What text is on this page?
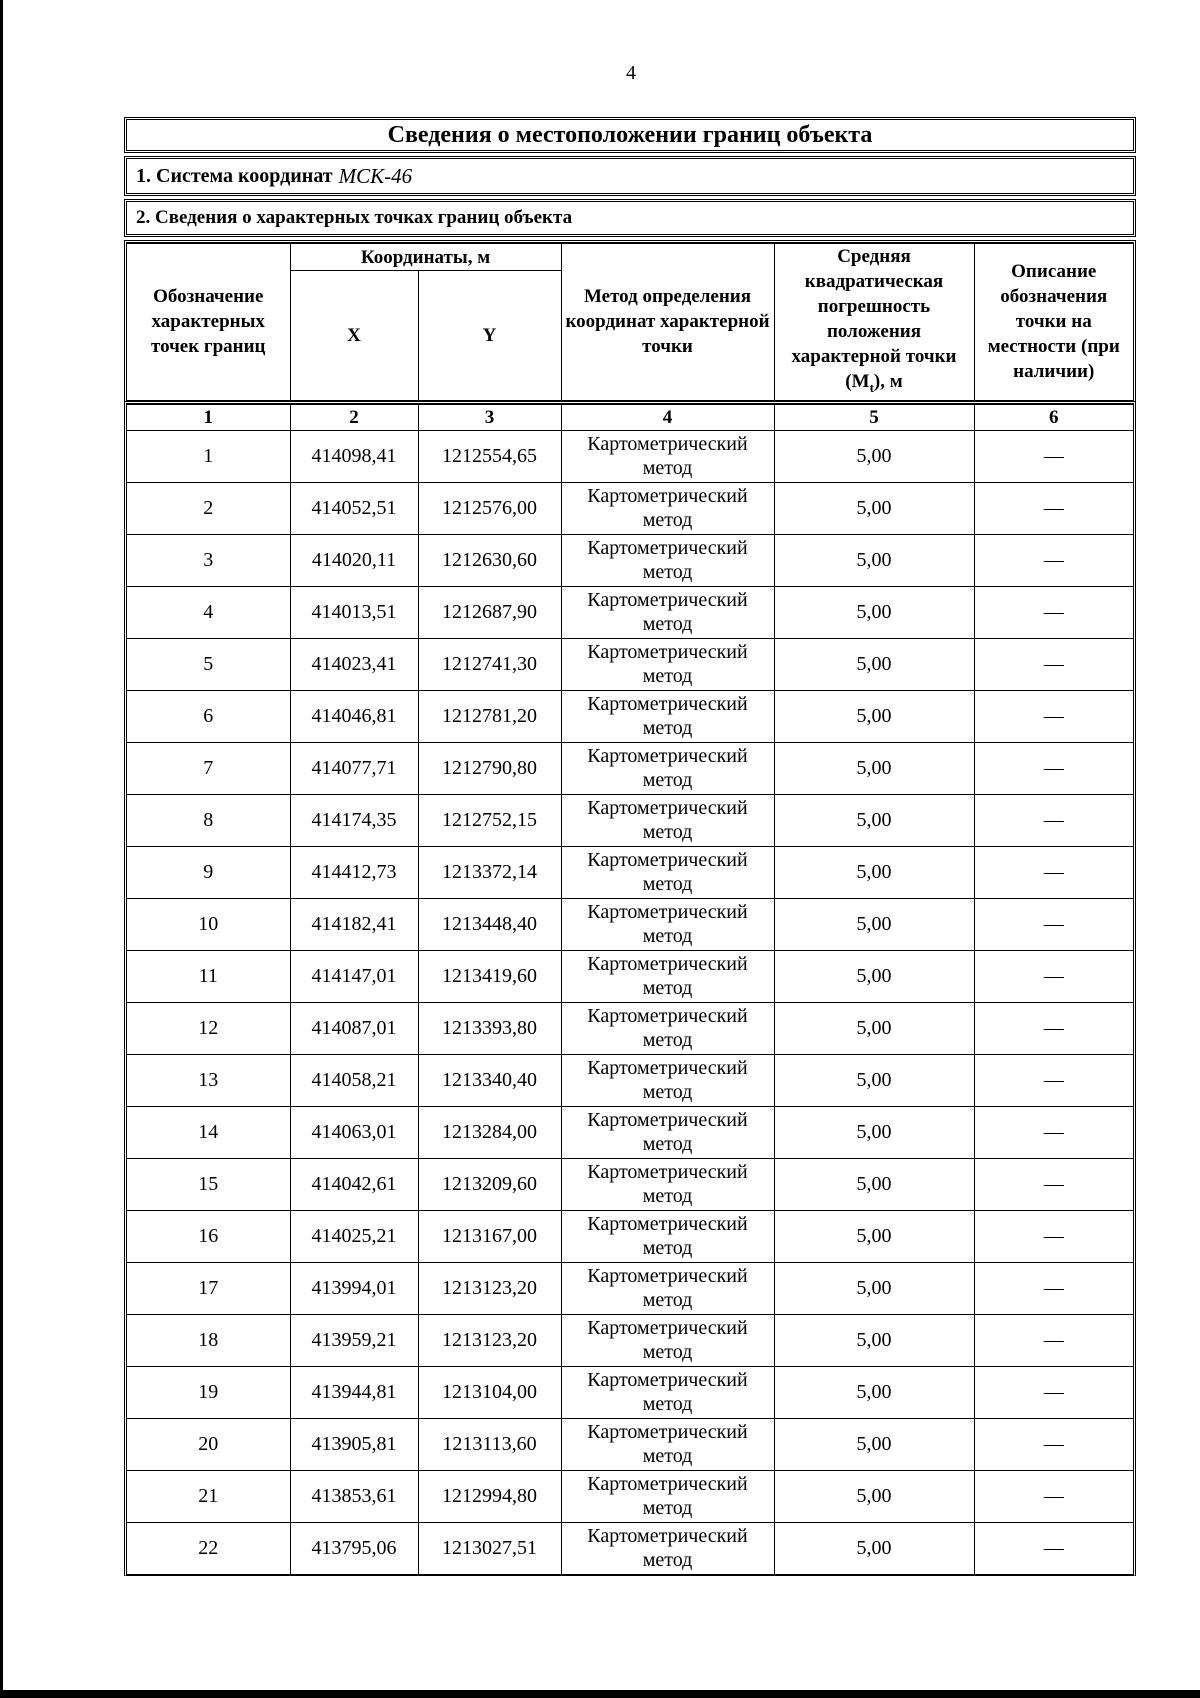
4
Сведения о местоположении границ объекта
1. Система координат МСК-46
2. Сведения о характерных точках границ объекта
Обозначение характерных точек границ	Координаты, м		Метод определения координат характерной точки	Средняя квадратическая погрешность положения характерной точки $(M_t)$, м	Описание обозначения точки на местности (при наличии)
	X	Y			
1	2	3	4	5	6
1	414098,41	1212554,65	Картометрический метод	5,00	—
2	414052,51	1212576,00	Картометрический метод	5,00	—
3	414020,11	1212630,60	Картометрический метод	5,00	—
4	414013,51	1212687,90	Картометрический метод	5,00	—
5	414023,41	1212741,30	Картометрический метод	5,00	—
6	414046,81	1212781,20	Картометрический метод	5,00	—
7	414077,71	1212790,80	Картометрический метод	5,00	—
8	414174,35	1212752,15	Картометрический метод	5,00	—
9	414412,73	1213372,14	Картометрический метод	5,00	—
10	414182,41	1213448,40	Картометрический метод	5,00	—
11	414147,01	1213419,60	Картометрический метод	5,00	—
12	414087,01	1213393,80	Картометрический метод	5,00	—
13	414058,21	1213340,40	Картометрический метод	5,00	—
14	414063,01	1213284,00	Картометрический метод	5,00	—
15	414042,61	1213209,60	Картометрический метод	5,00	—
16	414025,21	1213167,00	Картометрический метод	5,00	—
17	413994,01	1213123,20	Картометрический метод	5,00	—
18	413959,21	1213123,20	Картометрический метод	5,00	—
19	413944,81	1213104,00	Картометрический метод	5,00	—
20	413905,81	1213113,60	Картометрический метод	5,00	—
21	413853,61	1212994,80	Картометрический метод	5,00	—
22	413795,06	1213027,51	Картометрический метод	5,00	—
